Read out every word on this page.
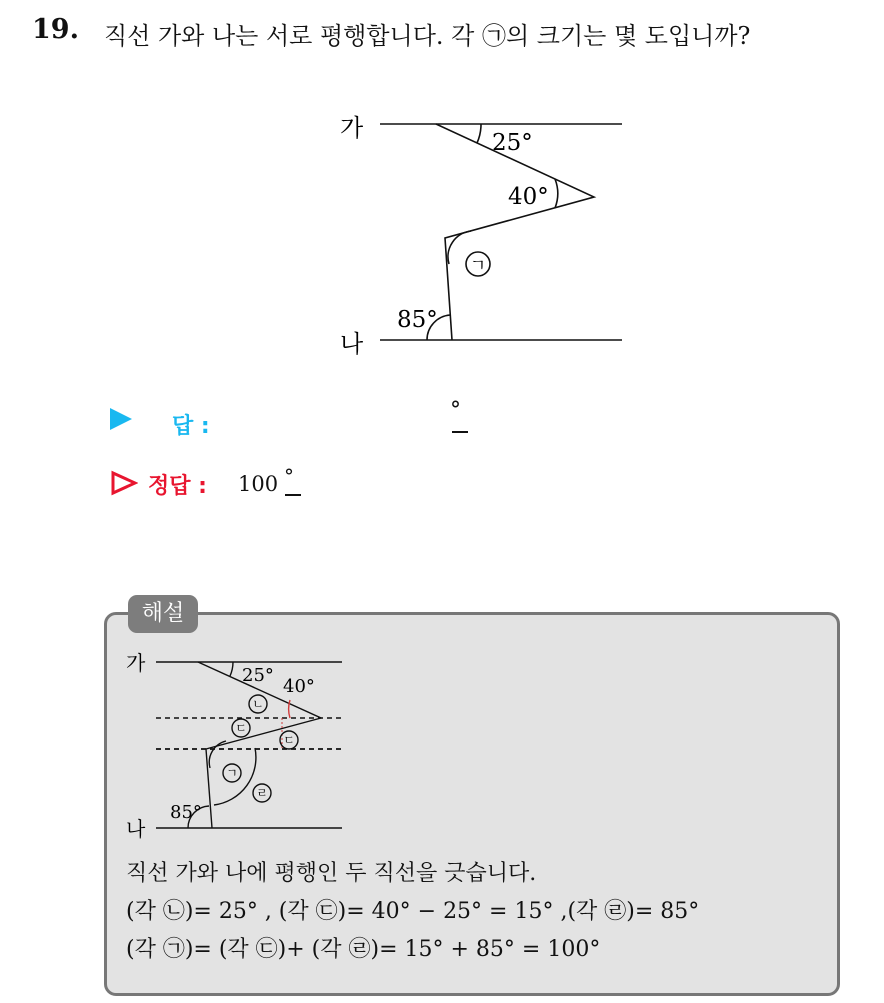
19. 직선 가와 나는 서로 평행합니다. 각 ㉠의 크기는 몇 도입니까?
가
나
25°
40°
ㄱ
85°
답 :
°
정답 : 100 °
해설
가
나
25°
40°
ㄴ
ㄷ
ㄷ
ㄱ
ㄹ
85°
직선 가와 나에 평행인 두 직선을 긋습니다.
(각 ㉡)= 25° , (각 ㉢)= 40° − 25° = 15° ,(각 ㉣)= 85°
(각 ㉠)= (각 ㉢)+ (각 ㉣)= 15° + 85° = 100°
